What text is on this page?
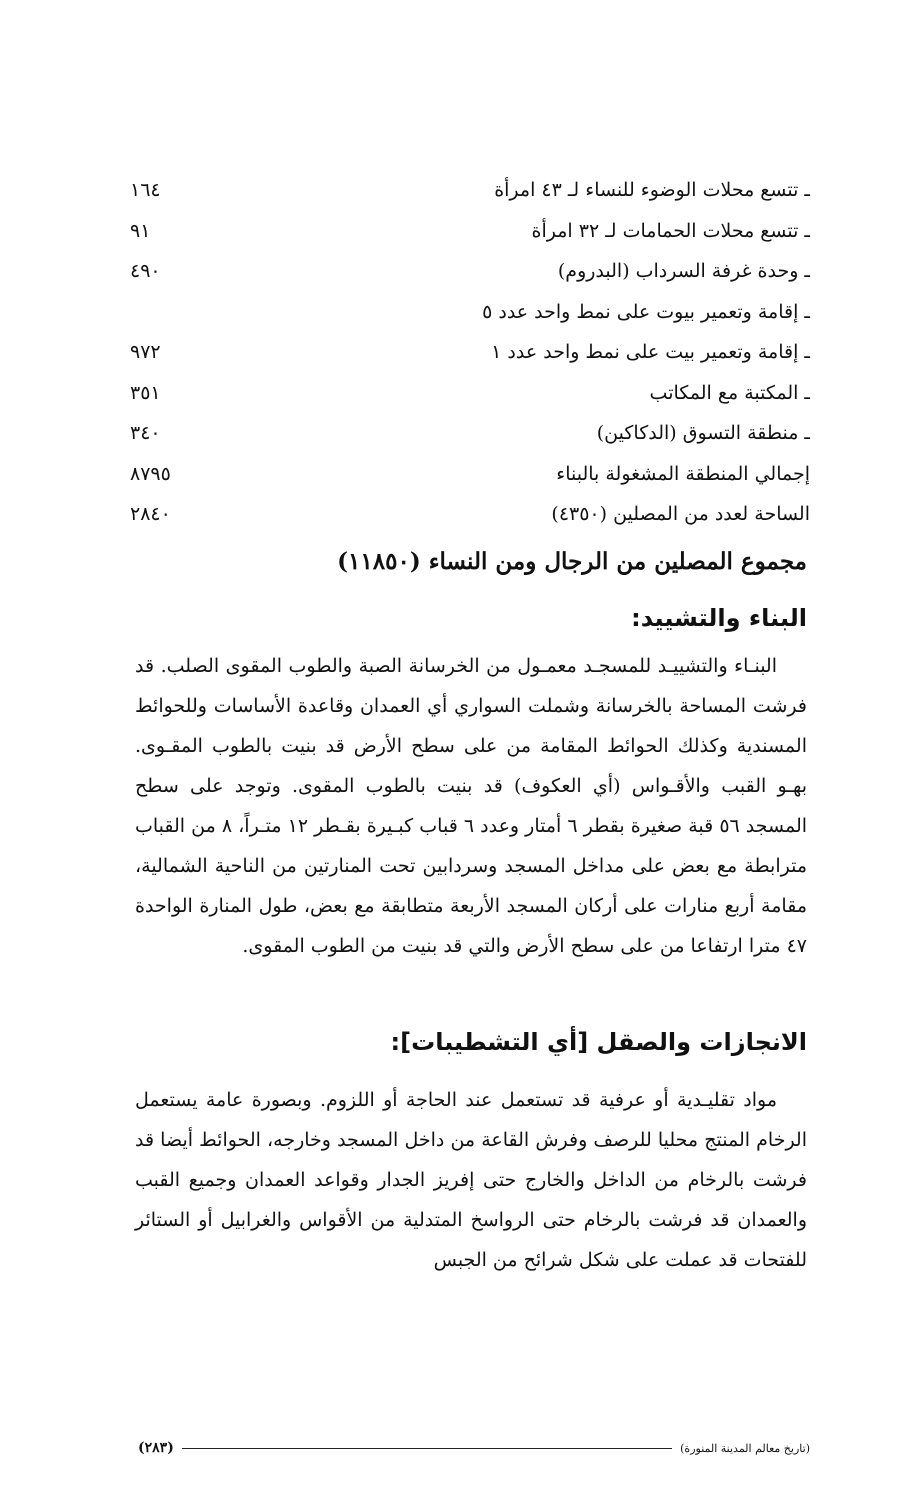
ـ تتسع محلات الوضوء للنساء لـ ٤٣ امرأة
١٦٤
ـ تتسع محلات الحمامات لـ ٣٢ امرأة
٩١
ـ وحدة غرفة السرداب (البدروم)
٤٩٠
ـ إقامة وتعمير بيوت على نمط واحد عدد ٥
ـ إقامة وتعمير بيت على نمط واحد عدد ١
٩٧٢
ـ المكتبة مع المكاتب
٣٥١
ـ منطقة التسوق (الدكاكين)
٣٤٠
إجمالي المنطقة المشغولة بالبناء
٨٧٩٥
الساحة لعدد من المصلين (٤٣٥٠)
٢٨٤٠
مجموع المصلين من الرجال ومن النساء (١١٨٥٠)
البناء والتشييد:

البنـاء والتشييـد للمسجـد معمـول من الخرسانة الصبة والطوب المقوى الصلب. قد فرشت المساحة بالخرسانة وشملت السواري أي العمدان وقاعدة الأساسات وللحوائط المسندية وكذلك الحوائط المقامة من على سطح الأرض قد بنيت بالطوب المقـوى. بهـو القبب والأقـواس (أي العكوف) قد بنيت بالطوب المقوى. وتوجد على سطح المسجد ٥٦ قبة صغيرة بقطر ٦ أمتار وعدد ٦ قباب كبـيرة بقـطر ١٢ متـراً، ٨ من القباب مترابطة مع بعض على مداخل المسجد وسردابين تحت المنارتين من الناحية الشمالية، مقامة أربع منارات على أركان المسجد الأربعة متطابقة مع بعض، طول المنارة الواحدة ٤٧ مترا ارتفاعا من على سطح الأرض والتي قد بنيت من الطوب المقوى.

الانجازات والصقل [أي التشطيبات]:

مواد تقليـدية أو عرفية قد تستعمل عند الحاجة أو اللزوم. وبصورة عامة يستعمل الرخام المنتج محليا للرصف وفرش القاعة من داخل المسجد وخارجه، الحوائط أيضا قد فرشت بالرخام من الداخل والخارج حتى إفريز الجدار وقواعد العمدان وجميع القبب والعمدان قد فرشت بالرخام حتى الرواسخ المتدلية من الأقواس والغرابيل أو الستائر للفتحات قد عملت على شكل شرائح من الجبس

(تاريخ معالم المدينة المنورة)
(٢٨٣)
